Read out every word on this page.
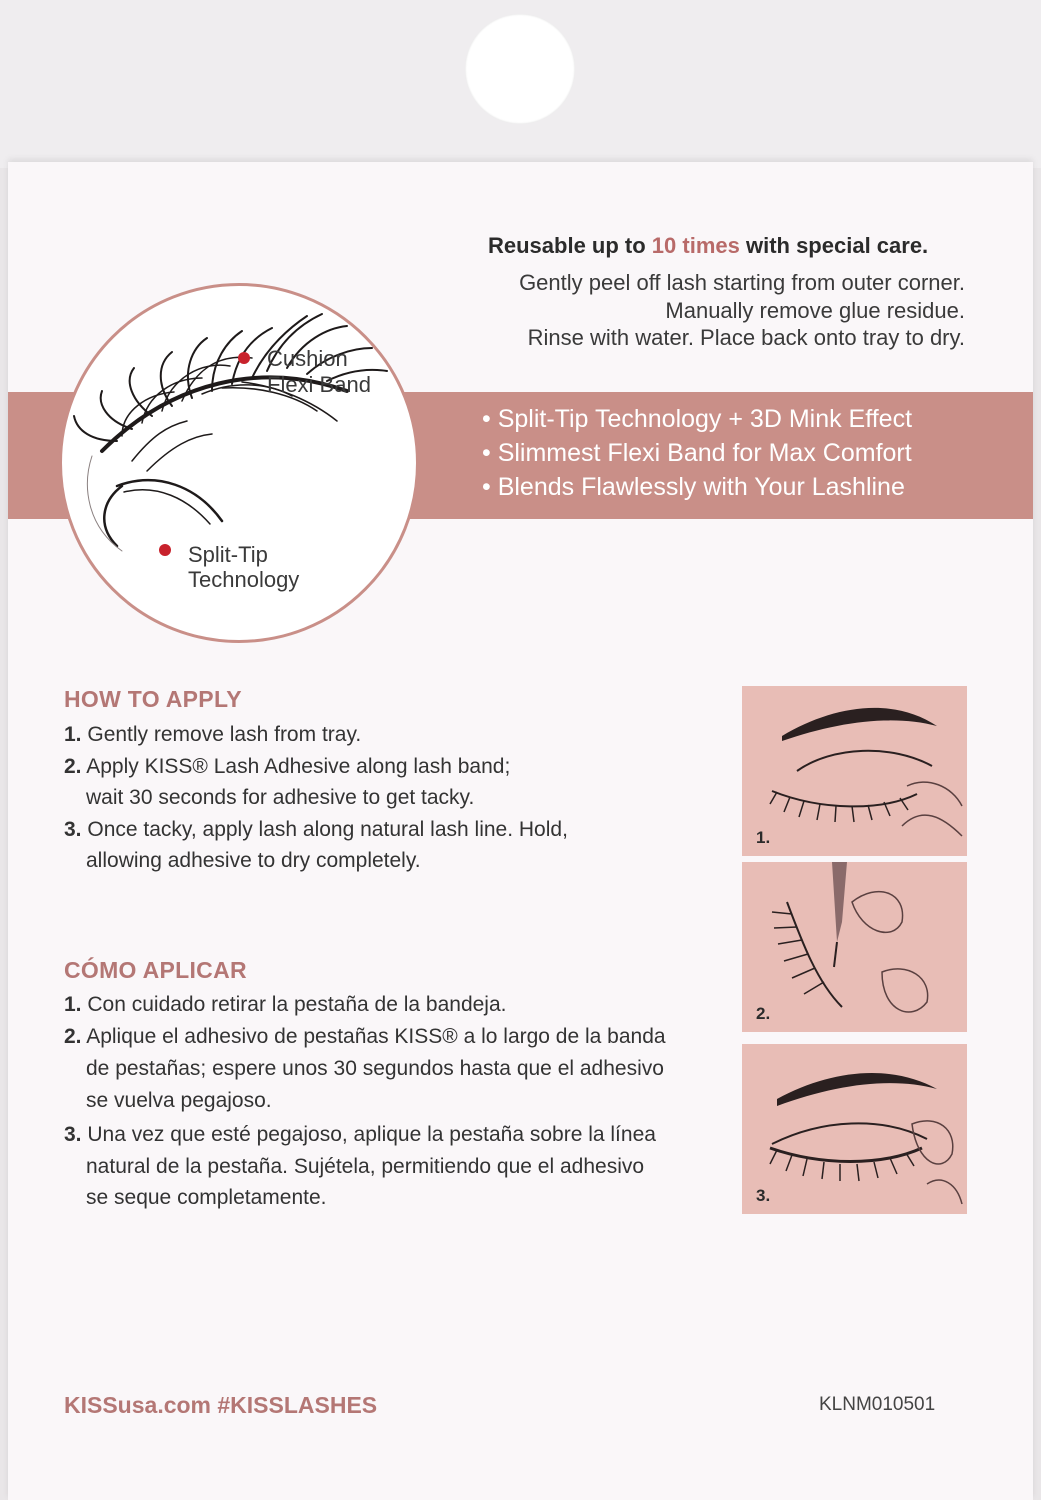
Reusable up to 10 times with special care.

Gently peel off lash starting from outer corner.

Manually remove glue residue.

Rinse with water. Place back onto tray to dry.

• Split-Tip Technology + 3D Mink Effect

• Slimmest Flexi Band for Max Comfort

• Blends Flawlessly with Your Lashline

Cushion

Flexi Band

Split-Tip

Technology

HOW TO APPLY

1. Gently remove lash from tray.

2. Apply KISS® Lash Adhesive along lash band;

wait 30 seconds for adhesive to get tacky.

3. Once tacky, apply lash along natural lash line. Hold,

allowing adhesive to dry completely.

CÓMO APLICAR

1. Con cuidado retirar la pestaña de la bandeja.

2. Aplique el adhesivo de pestañas KISS® a lo largo de la banda

de pestañas; espere unos 30 segundos hasta que el adhesivo

se vuelva pegajoso.

3. Una vez que esté pegajoso, aplique la pestaña sobre la línea

natural de la pestaña. Sujétela, permitiendo que el adhesivo

se seque completamente.

1.

2.

3.

KISSusa.com #KISSLASHES	KLNM010501
